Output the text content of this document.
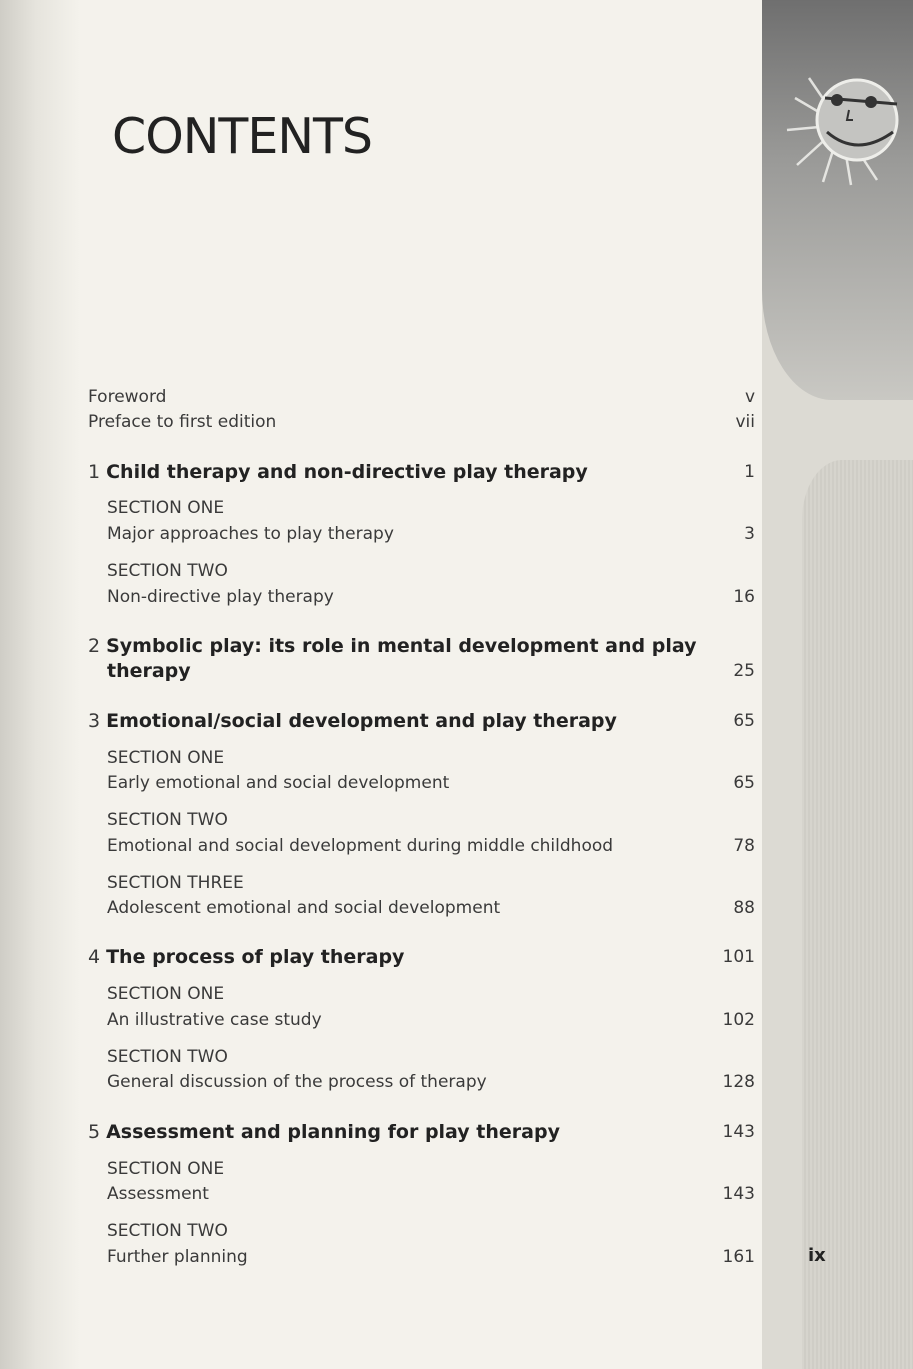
CONTENTS
Foreword	v
Preface to first edition	vii
1 Child therapy and non-directive play therapy	1
SECTION ONE
Major approaches to play therapy	3
SECTION TWO
Non-directive play therapy	16
2 Symbolic play: its role in mental development and play
therapy	25
3 Emotional/social development and play therapy	65
SECTION ONE
Early emotional and social development	65
SECTION TWO
Emotional and social development during middle childhood	78
SECTION THREE
Adolescent emotional and social development	88
4 The process of play therapy	101
SECTION ONE
An illustrative case study	102
SECTION TWO
General discussion of the process of therapy	128
5 Assessment and planning for play therapy	143
SECTION ONE
Assessment	143
SECTION TWO
Further planning	161	ix
